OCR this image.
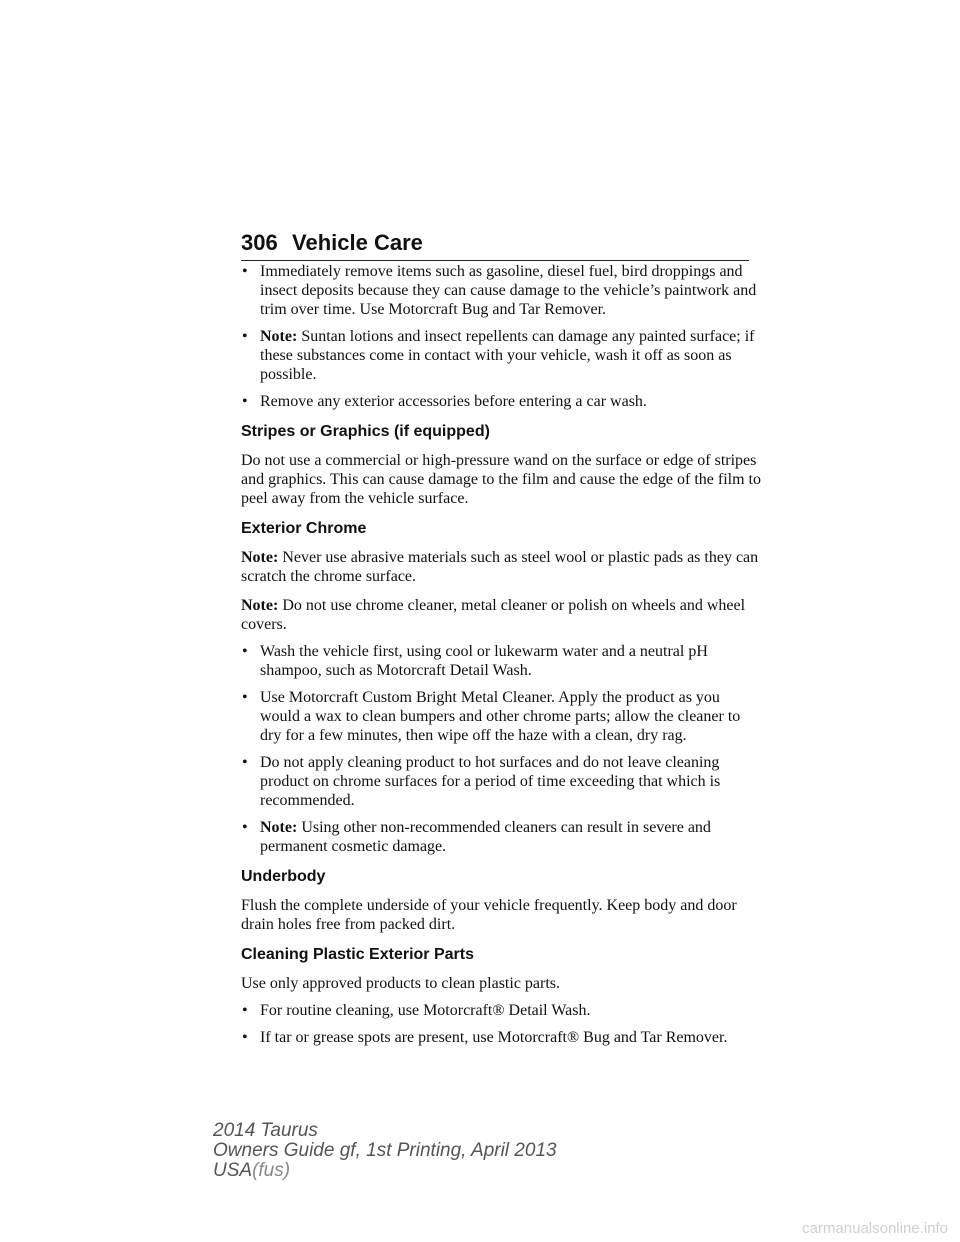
306 Vehicle Care
• Immediately remove items such as gasoline, diesel fuel, bird droppings and insect deposits because they can cause damage to the vehicle’s paintwork and trim over time. Use Motorcraft Bug and Tar Remover.
• Note: Suntan lotions and insect repellents can damage any painted surface; if these substances come in contact with your vehicle, wash it off as soon as possible.
• Remove any exterior accessories before entering a car wash.
Stripes or Graphics (if equipped)

Do not use a commercial or high-pressure wand on the surface or edge of stripes and graphics. This can cause damage to the film and cause the edge of the film to peel away from the vehicle surface.

Exterior Chrome

Note: Never use abrasive materials such as steel wool or plastic pads as they can scratch the chrome surface.

Note: Do not use chrome cleaner, metal cleaner or polish on wheels and wheel covers.

• Wash the vehicle first, using cool or lukewarm water and a neutral pH shampoo, such as Motorcraft Detail Wash.
• Use Motorcraft Custom Bright Metal Cleaner. Apply the product as you would a wax to clean bumpers and other chrome parts; allow the cleaner to dry for a few minutes, then wipe off the haze with a clean, dry rag.
• Do not apply cleaning product to hot surfaces and do not leave cleaning product on chrome surfaces for a period of time exceeding that which is recommended.
• Note: Using other non-recommended cleaners can result in severe and permanent cosmetic damage.
Underbody

Flush the complete underside of your vehicle frequently. Keep body and door drain holes free from packed dirt.

Cleaning Plastic Exterior Parts

Use only approved products to clean plastic parts.

• For routine cleaning, use Motorcraft® Detail Wash.
• If tar or grease spots are present, use Motorcraft® Bug and Tar Remover.
2014 Taurus
Owners Guide gf, 1st Printing, April 2013
USA(fus)
carmanualsonline.info
